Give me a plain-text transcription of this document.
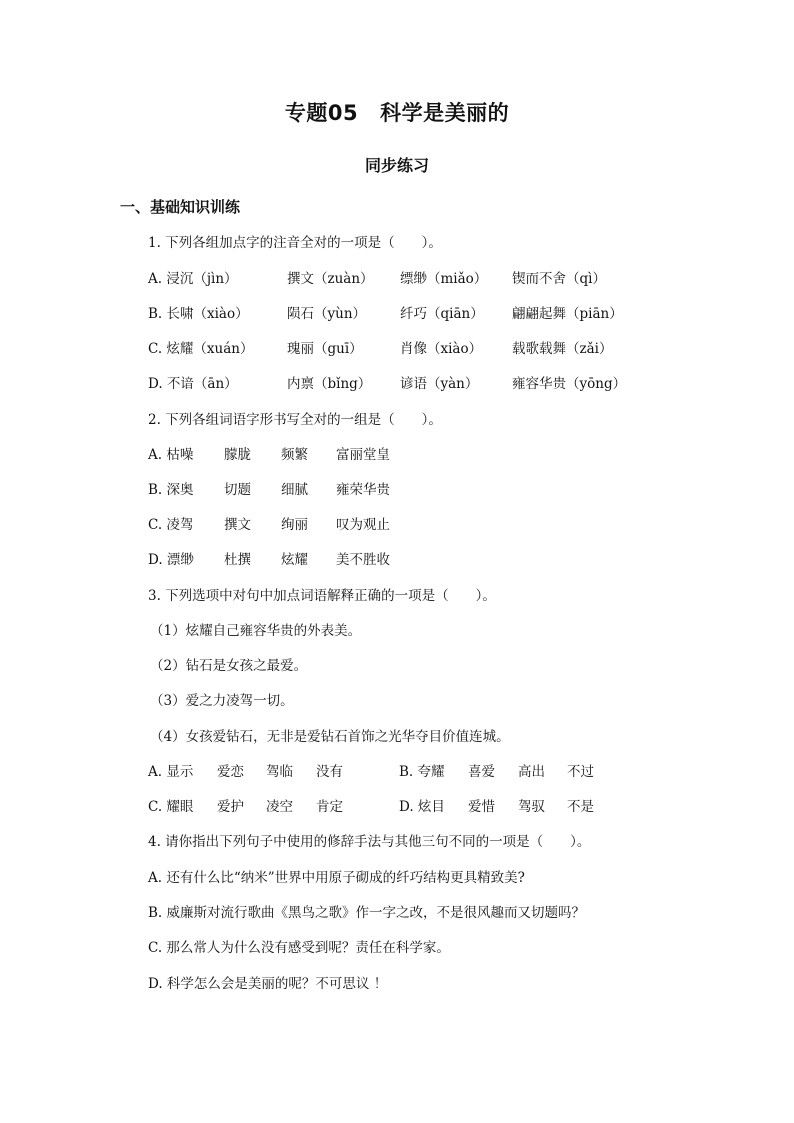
专题05 科学是美丽的
同步练习
一、基础知识训练
1. 下列各组加点字的注音全对的一项是（　　）。
A. 浸沉（jìn）	撰文（zuàn） 缥缈（miǎo） 锲而不舍（qì）
B. 长啸（xiào）	陨石（yùn）	纤巧（qiān） 翩翩起舞（piān）
C. 炫耀（xuán） 瑰丽（guī）	肖像（xiào） 载歌载舞（zǎi）
D. 不谙（ān）	内禀（bǐng） 谚语（yàn） 雍容华贵（yōng）
2. 下列各组词语字形书写全对的一组是（　　）。
A. 枯噪 朦胧 频繁 富丽堂皇
B. 深奥 切题 细腻 雍荣华贵
C. 凌驾 撰文 绚丽 叹为观止
D. 漂缈 杜撰 炫耀 美不胜收
3. 下列选项中对句中加点词语解释正确的一项是（　　）。
（1）炫耀自己雍容华贵的外表美。
（2）钻石是女孩之最爱。
（3）爱之力凌驾一切。
（4）女孩爱钻石，无非是爱钻石首饰之光华夺目价值连城。
A. 显示 爱恋 驾临 没有	B. 夸耀 喜爱 高出 不过
C. 耀眼 爱护 凌空 肯定	D. 炫目 爱惜 驾驭 不是
4. 请你指出下列句子中使用的修辞手法与其他三句不同的一项是（　　）。
A. 还有什么比“纳米”世界中用原子砌成的纤巧结构更具精致美?
B. 威廉斯对流行歌曲《黑鸟之歌》作一字之改，不是很风趣而又切题吗？
C. 那么常人为什么没有感受到呢？责任在科学家。
D. 科学怎么会是美丽的呢？不可思议 ！
